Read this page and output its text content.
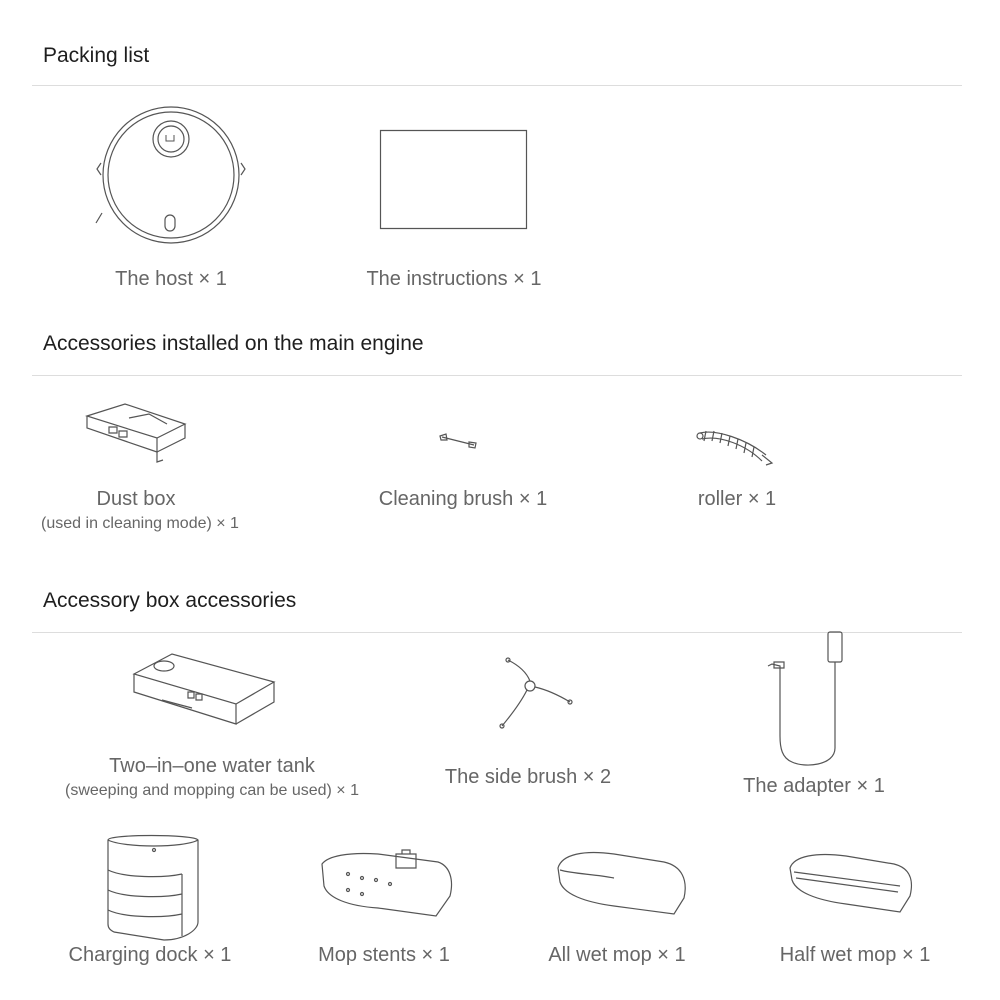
Packing list
The host × 1	The instructions × 1
Accessories installed on the main engine
Dust box
(used in cleaning mode) × 1
Cleaning brush × 1	roller × 1
Accessory box accessories
Two–in–one water tank
(sweeping and mopping can be used) × 1
The side brush × 2	The adapter × 1
Charging dock × 1	Mop stents × 1	All wet mop × 1	Half wet mop × 1
